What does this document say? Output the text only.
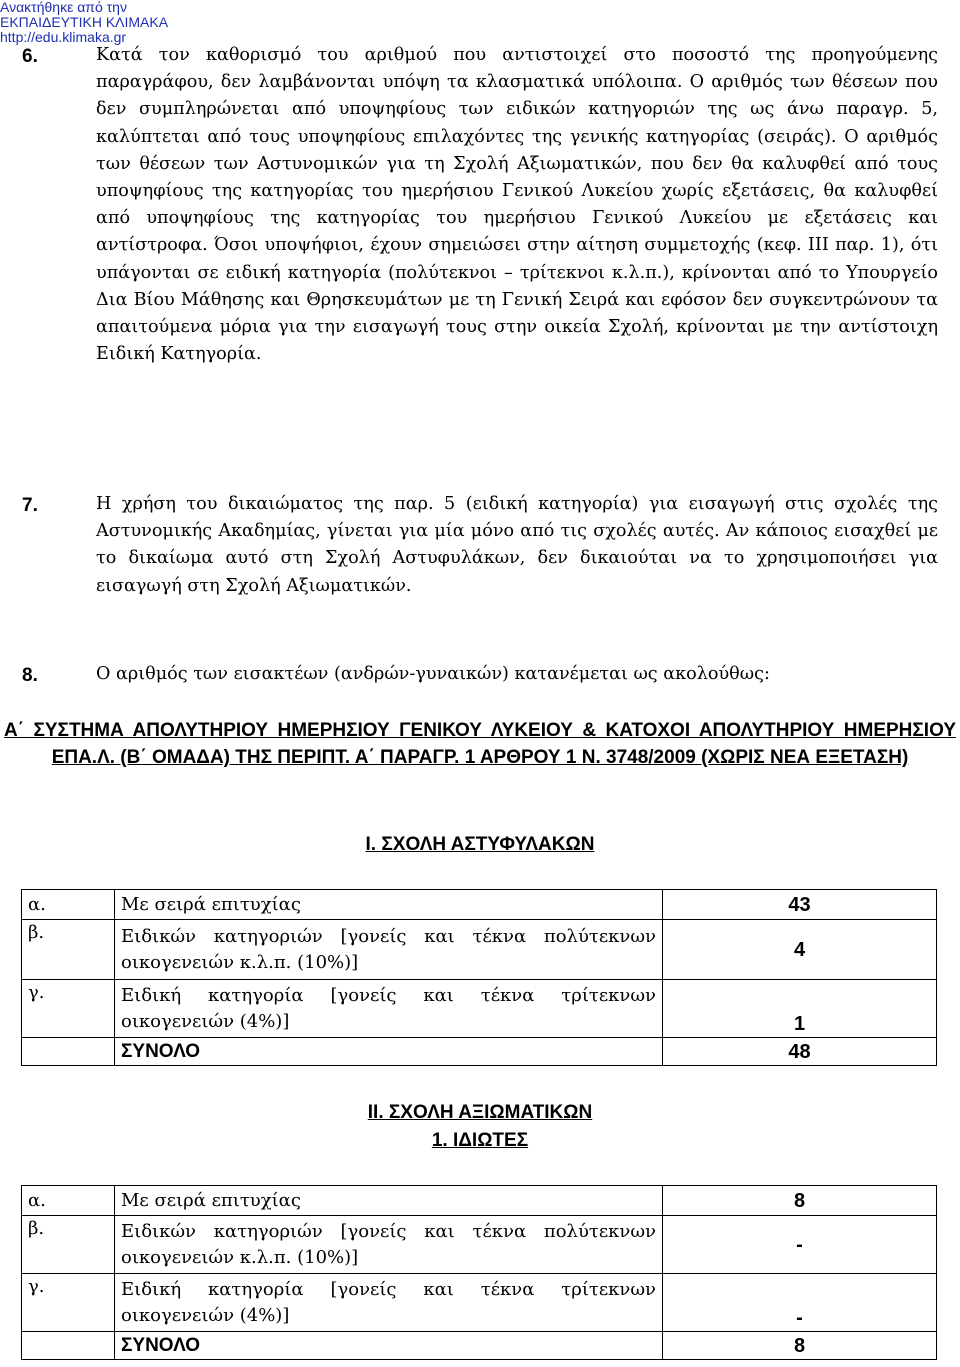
Ανακτήθηκε από την
ΕΚΠΑΙΔΕΥΤΙΚΗ ΚΛΙΜΑΚΑ
http://edu.klimaka.gr
6.	Κατά τον καθορισμό του αριθμού που αντιστοιχεί στο ποσοστό της προηγούμενης παραγράφου, δεν λαμβάνονται υπόψη τα κλασματικά υπόλοιπα. Ο αριθμός των θέσεων που δεν συμπληρώνεται από υποψηφίους των ειδικών κατηγοριών της ως άνω παραγρ. 5, καλύπτεται από τους υποψηφίους επιλαχόντες της γενικής κατηγορίας (σειράς). Ο αριθμός των θέσεων των Αστυνομικών για τη Σχολή Αξιωματικών, που δεν θα καλυφθεί από τους υποψηφίους της κατηγορίας του ημερήσιου Γενικού Λυκείου χωρίς εξετάσεις, θα καλυφθεί από υποψηφίους της κατηγορίας του ημερήσιου Γενικού Λυκείου με εξετάσεις και αντίστροφα. Όσοι υποψήφιοι, έχουν σημειώσει στην αίτηση συμμετοχής (κεφ. ΙΙΙ παρ. 1), ότι υπάγονται σε ειδική κατηγορία (πολύτεκνοι – τρίτεκνοι κ.λ.π.), κρίνονται από το Υπουργείο Δια Βίου Μάθησης και Θρησκευμάτων με τη Γενική Σειρά και εφόσον δεν συγκεντρώνουν τα απαιτούμενα μόρια για την εισαγωγή τους στην οικεία Σχολή, κρίνονται με την αντίστοιχη Ειδική Κατηγορία.
7.	Η χρήση του δικαιώματος της παρ. 5 (ειδική κατηγορία) για εισαγωγή στις σχολές της Αστυνομικής Ακαδημίας, γίνεται για μία μόνο από τις σχολές αυτές. Αν κάποιος εισαχθεί με το δικαίωμα αυτό στη Σχολή Αστυφυλάκων, δεν δικαιούται να το χρησιμοποιήσει για εισαγωγή στη Σχολή Αξιωματικών.
8.	Ο αριθμός των εισακτέων (ανδρών-γυναικών) κατανέμεται ως ακολούθως:
Α΄ ΣΥΣΤΗΜΑ ΑΠΟΛΥΤΗΡΙΟΥ ΗΜΕΡΗΣΙΟΥ ΓΕΝΙΚΟΥ ΛΥΚΕΙΟΥ & ΚΑΤΟΧΟΙ ΑΠΟΛΥΤΗΡΙΟΥ ΗΜΕΡΗΣΙΟΥ ΕΠΑ.Λ. (Β΄ ΟΜΑΔΑ) ΤΗΣ ΠΕΡΙΠΤ. Α΄ ΠΑΡΑΓΡ. 1 ΑΡΘΡΟΥ 1 Ν. 3748/2009 (ΧΩΡΙΣ ΝΕΑ ΕΞΕΤΑΣΗ)
Ι. ΣΧΟΛΗ ΑΣΤΥΦΥΛΑΚΩΝ
α.	Με σειρά επιτυχίας	43
β.	Ειδικών κατηγοριών [γονείς και τέκνα πολύτεκνων οικογενειών κ.λ.π. (10%)]	4
γ.	Ειδική κατηγορία [γονείς και τέκνα τρίτεκνων οικογενειών (4%)]	1
	ΣΥΝΟΛΟ	48
ΙΙ. ΣΧΟΛΗ ΑΞΙΩΜΑΤΙΚΩΝ
1. ΙΔΙΩΤΕΣ
α.	Με σειρά επιτυχίας	8
β.	Ειδικών κατηγοριών [γονείς και τέκνα πολύτεκνων οικογενειών κ.λ.π. (10%)]	-
γ.	Ειδική κατηγορία [γονείς και τέκνα τρίτεκνων οικογενειών (4%)]	-
	ΣΥΝΟΛΟ	8
